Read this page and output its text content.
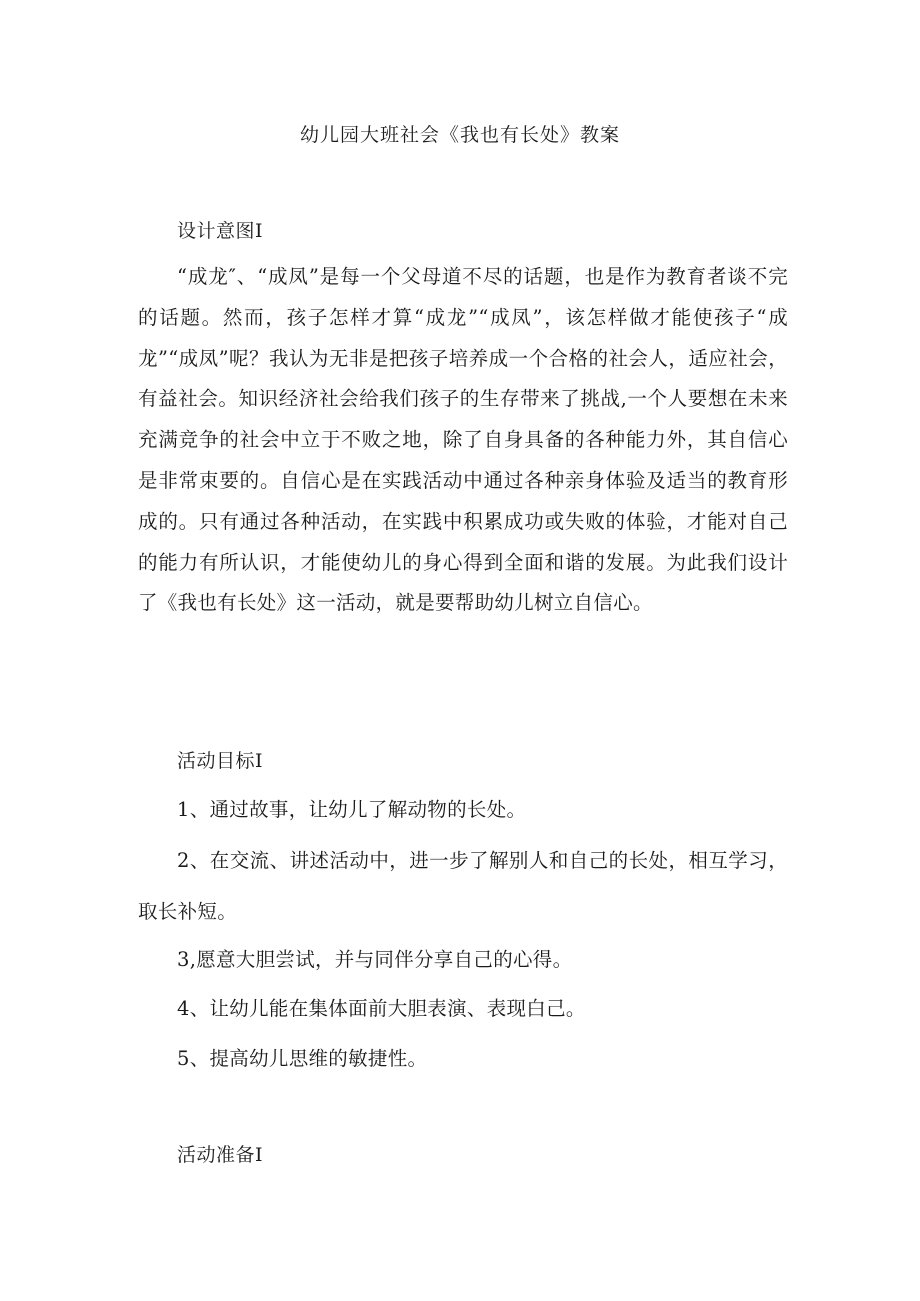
幼儿园大班社会《我也有长处》教案
设计意图I
“成龙″、“成凤”是每一个父母道不尽的话题，也是作为教育者谈不完的话题。然而，孩子怎样才算“成龙”“成凤”，该怎样做才能使孩子“成龙”“成凤”呢？我认为无非是把孩子培养成一个合格的社会人，适应社会，有益社会。知识经济社会给我们孩子的生存带来了挑战,一个人要想在未来充满竞争的社会中立于不败之地，除了自身具备的各种能力外，其自信心是非常束要的。自信心是在实践活动中通过各种亲身体验及适当的教育形成的。只有通过各种活动，在实践中积累成功或失败的体验，才能对自己的能力有所认识，才能使幼儿的身心得到全面和谐的发展。为此我们设计了《我也有长处》这一活动，就是要帮助幼儿树立自信心。
活动目标I
1、通过故事，让幼儿了解动物的长处。
2、在交流、讲述活动中，进一步了解别人和自己的长处，相互学习，取长补短。
3,愿意大胆尝试，并与同伴分享自己的心得。
4、让幼儿能在集体面前大胆表演、表现白己。
5、提高幼儿思维的敏捷性。
活动准备I
